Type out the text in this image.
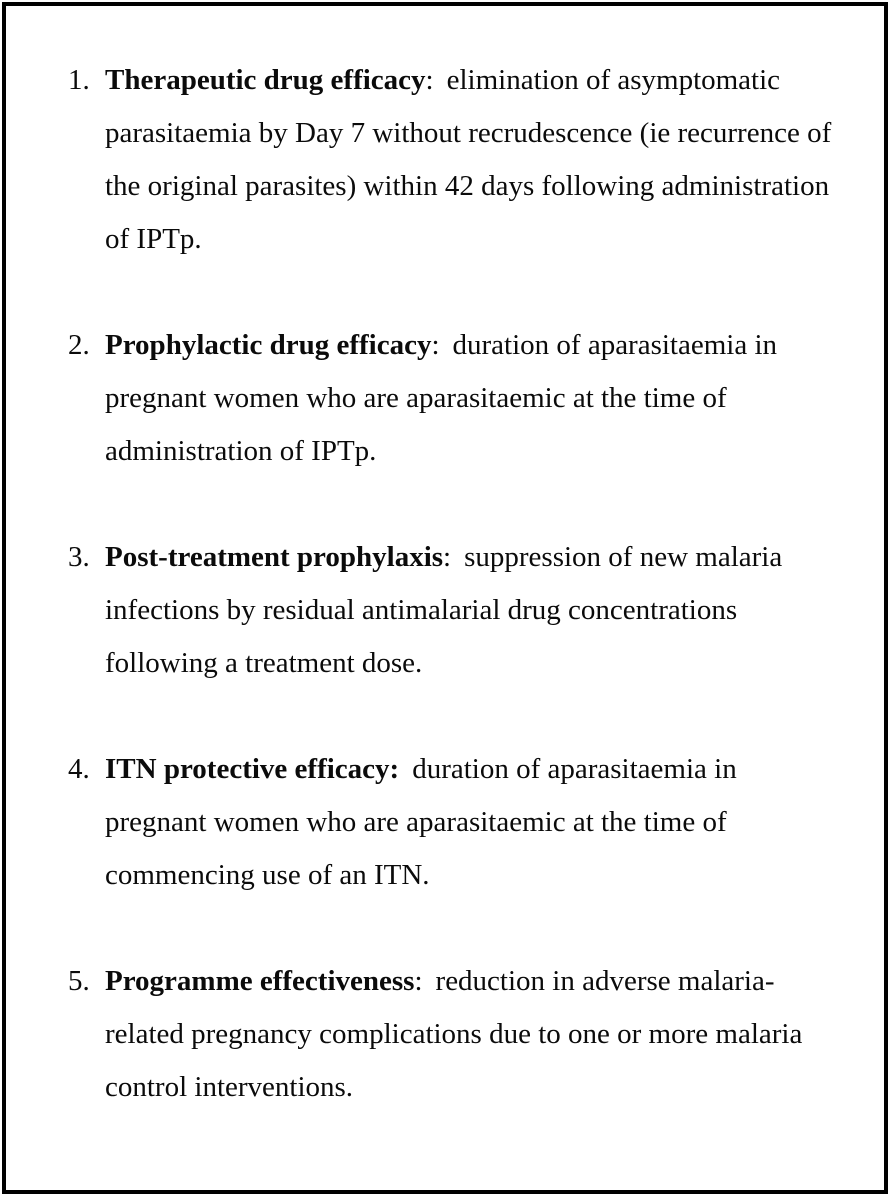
1. Therapeutic drug efficacy: elimination of asymptomatic parasitaemia by Day 7 without recrudescence (ie recurrence of the original parasites) within 42 days following administration of IPTp.
2. Prophylactic drug efficacy: duration of aparasitaemia in pregnant women who are aparasitaemic at the time of administration of IPTp.
3. Post-treatment prophylaxis: suppression of new malaria infections by residual antimalarial drug concentrations following a treatment dose.
4. ITN protective efficacy: duration of aparasitaemia in pregnant women who are aparasitaemic at the time of commencing use of an ITN.
5. Programme effectiveness: reduction in adverse malaria-related pregnancy complications due to one or more malaria control interventions.
